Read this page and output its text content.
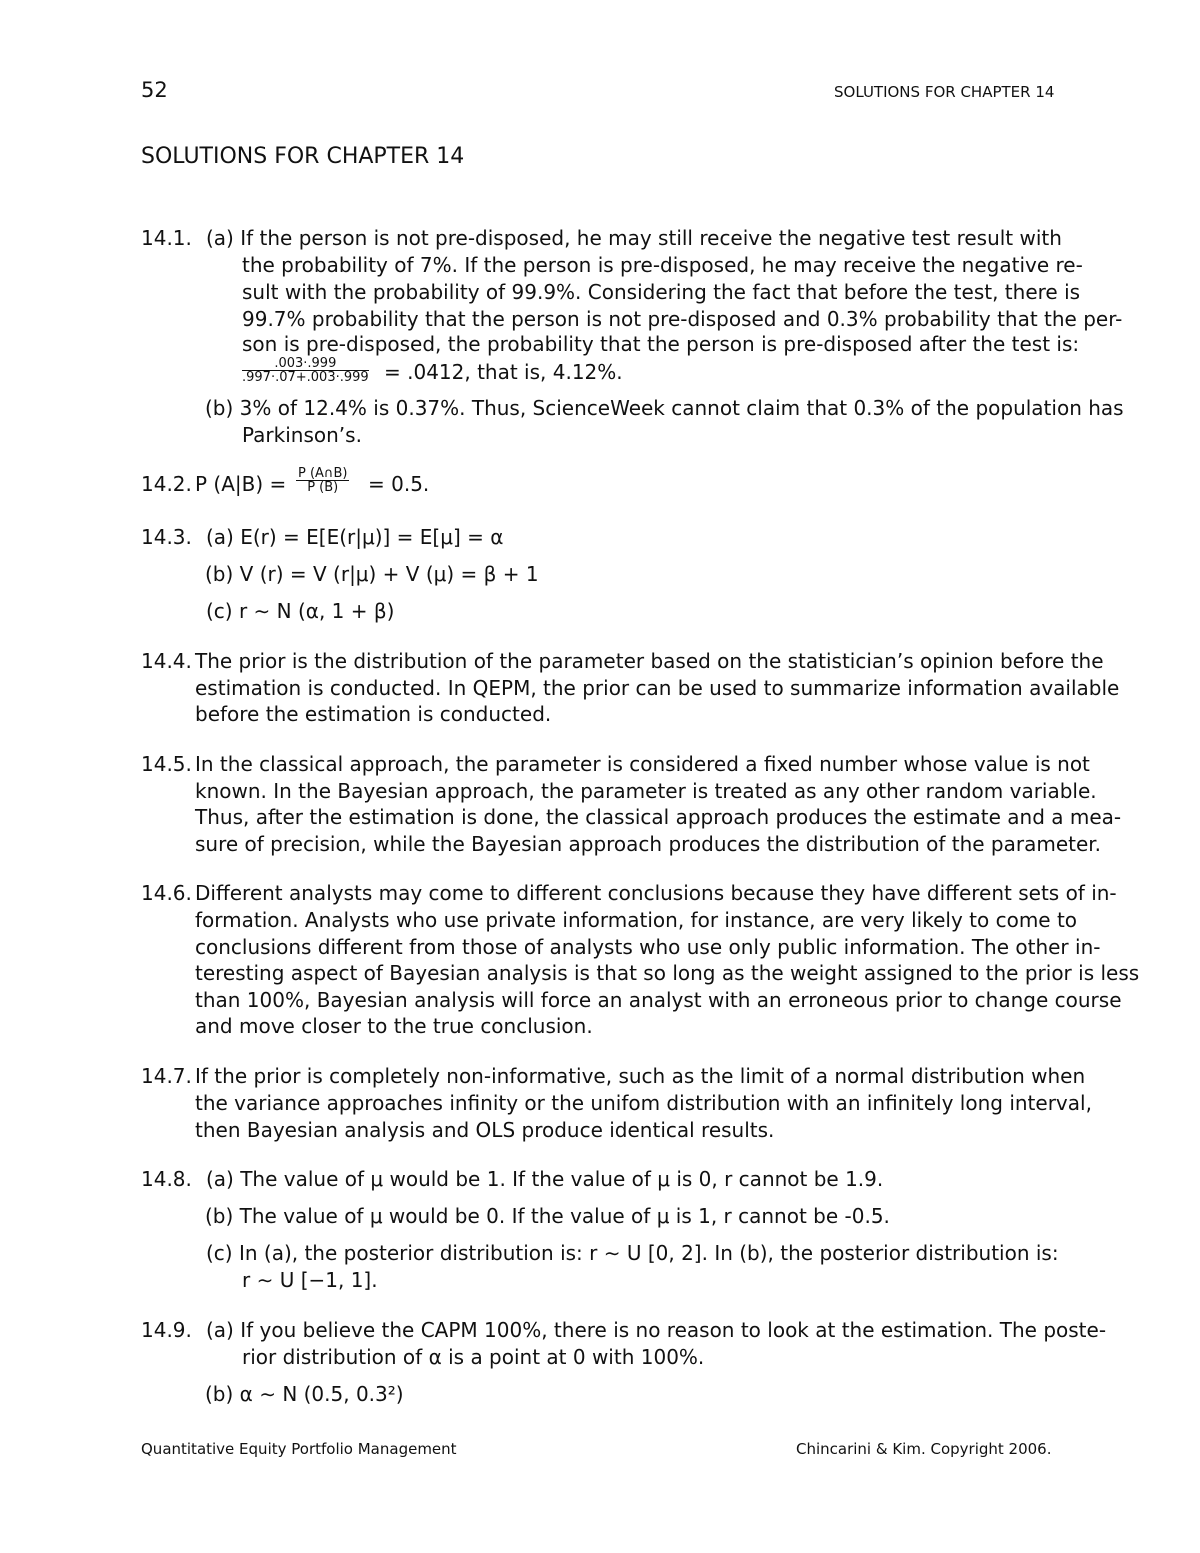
52	SOLUTIONS FOR CHAPTER 14
SOLUTIONS FOR CHAPTER 14
14.1. (a) If the person is not pre-disposed, he may still receive the negative test result with
the probability of 7%. If the person is pre-disposed, he may receive the negative re-
sult with the probability of 99.9%. Considering the fact that before the test, there is
99.7% probability that the person is not pre-disposed and 0.3% probability that the per-
son is pre-disposed, the probability that the person is pre-disposed after the test is:
$\frac{.003\cdot.999}{.997\cdot.07+.003\cdot.999} = .0412$, that is, 4.12%.
(b) 3% of 12.4% is 0.37%. Thus, ScienceWeek cannot claim that 0.3% of the population has
Parkinson’s.
14.2. P $(A|B) = \frac{P (A\cap B)}{P (B)} = 0.5$.
14.3. (a) E(r) = E[E(r|μ)] = E[μ] = α
(b) V (r) = V (r|μ) + V (μ) = β + 1
(c) r ∼ N (α, 1 + β)
14.4. The prior is the distribution of the parameter based on the statistician’s opinion before the
estimation is conducted. In QEPM, the prior can be used to summarize information available
before the estimation is conducted.
14.5. In the classical approach, the parameter is considered a fixed number whose value is not
known. In the Bayesian approach, the parameter is treated as any other random variable.
Thus, after the estimation is done, the classical approach produces the estimate and a mea-
sure of precision, while the Bayesian approach produces the distribution of the parameter.
14.6. Different analysts may come to different conclusions because they have different sets of in-
formation. Analysts who use private information, for instance, are very likely to come to
conclusions different from those of analysts who use only public information. The other in-
teresting aspect of Bayesian analysis is that so long as the weight assigned to the prior is less
than 100%, Bayesian analysis will force an analyst with an erroneous prior to change course
and move closer to the true conclusion.
14.7. If the prior is completely non-informative, such as the limit of a normal distribution when
the variance approaches infinity or the unifom distribution with an infinitely long interval,
then Bayesian analysis and OLS produce identical results.
14.8. (a) The value of μ would be 1. If the value of μ is 0, r cannot be 1.9.
(b) The value of μ would be 0. If the value of μ is 1, r cannot be -0.5.
(c) In (a), the posterior distribution is: r ∼ U [0, 2]. In (b), the posterior distribution is:
r ∼ U [−1, 1].
14.9. (a) If you believe the CAPM 100%, there is no reason to look at the estimation. The poste-
rior distribution of α is a point at 0 with 100%.
(b) α ∼ N (0.5, 0.3²)
Quantitative Equity Portfolio Management	Chincarini & Kim. Copyright 2006.
